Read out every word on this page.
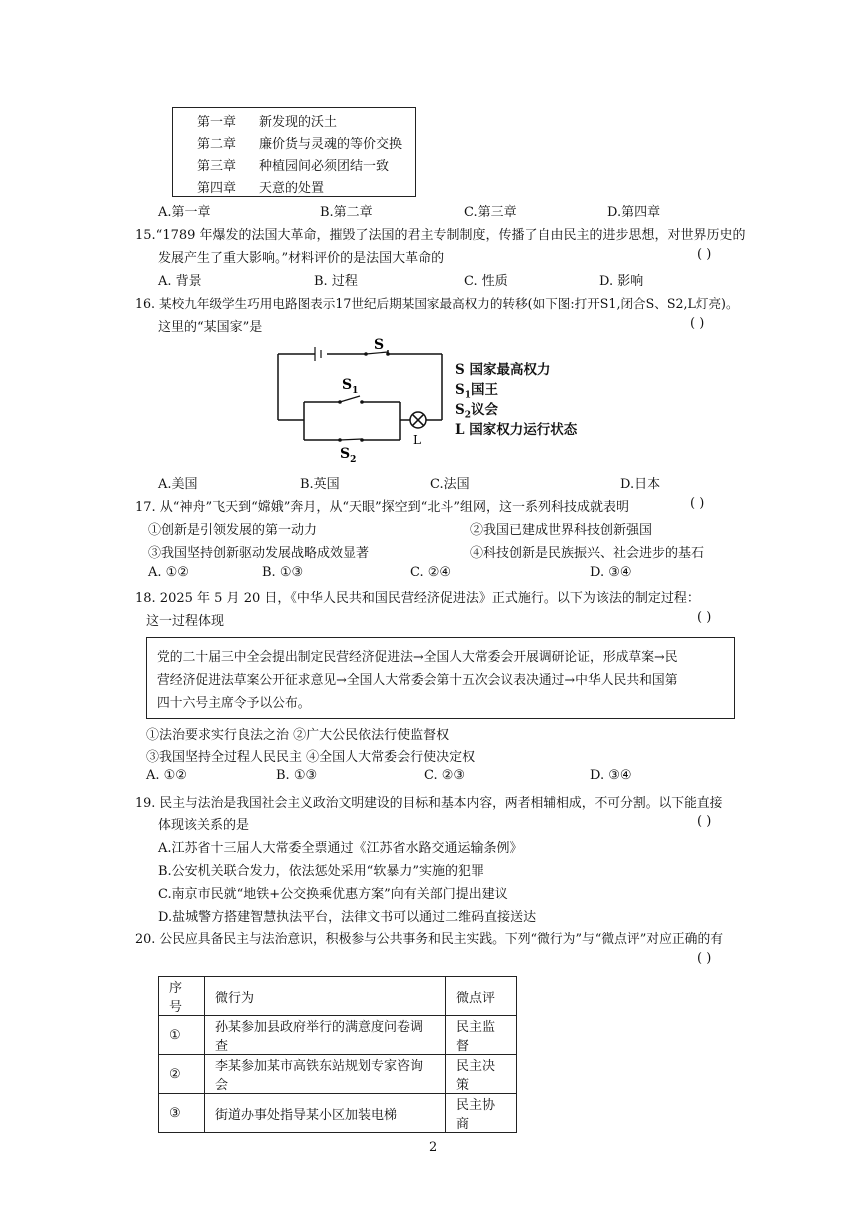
第一章 新发现的沃土
第二章 廉价货与灵魂的等价交换
第三章 种植园间必须团结一致
第四章 天意的处置
A.第一章	B.第二章	C.第三章	D.第四章
15.“1789 年爆发的法国大革命，摧毁了法国的君主专制制度，传播了自由民主的进步思想，对世界历史的
发展产生了重大影响。”材料评价的是法国大革命的	( )
A. 背景	B. 过程	C. 性质	D. 影响
16. 某校九年级学生巧用电路图表示17世纪后期某国家最高权力的转移(如下图:打开S1,闭合S、S2,L灯亮)。
这里的“某国家”是	( )
S
$S_1$
$S_2$
L
S 国家最高权力
$S_1$国王
$S_2$议会
L 国家权力运行状态
A.美国	B.英国	C.法国	D.日本
17. 从“神舟”飞天到“嫦娥”奔月，从“天眼”探空到“北斗”组网，这一系列科技成就表明	( )
①创新是引领发展的第一动力	②我国已建成世界科技创新强国
③我国坚持创新驱动发展战略成效显著	④科技创新是民族振兴、社会进步的基石
A. ①②	B. ①③	C. ②④	D. ③④
18. 2025 年 5 月 20 日，《中华人民共和国民营经济促进法》正式施行。以下为该法的制定过程：
这一过程体现	( )
党的二十届三中全会提出制定民营经济促进法→全国人大常委会开展调研论证，形成草案→民
营经济促进法草案公开征求意见→全国人大常委会第十五次会议表决通过→中华人民共和国第
四十六号主席令予以公布。
①法治要求实行良法之治 ②广大公民依法行使监督权
③我国坚持全过程人民民主 ④全国人大常委会行使决定权
A. ①②	B. ①③	C. ②③	D. ③④
19. 民主与法治是我国社会主义政治文明建设的目标和基本内容，两者相辅相成，不可分割。以下能直接
体现该关系的是	( )
A.江苏省十三届人大常委全票通过《江苏省水路交通运输条例》
B.公安机关联合发力，依法惩处采用“软暴力”实施的犯罪
C.南京市民就“地铁+公交换乘优惠方案”向有关部门提出建议
D.盐城警方搭建智慧执法平台，法律文书可以通过二维码直接送达
20. 公民应具备民主与法治意识，积极参与公共事务和民主实践。下列“微行为”与“微点评”对应正确的有
( )
序号	微行为	微点评
①	孙某参加县政府举行的满意度问卷调查	民主监督
②	李某参加某市高铁东站规划专家咨询会	民主决策
③	街道办事处指导某小区加装电梯	民主协商
2
